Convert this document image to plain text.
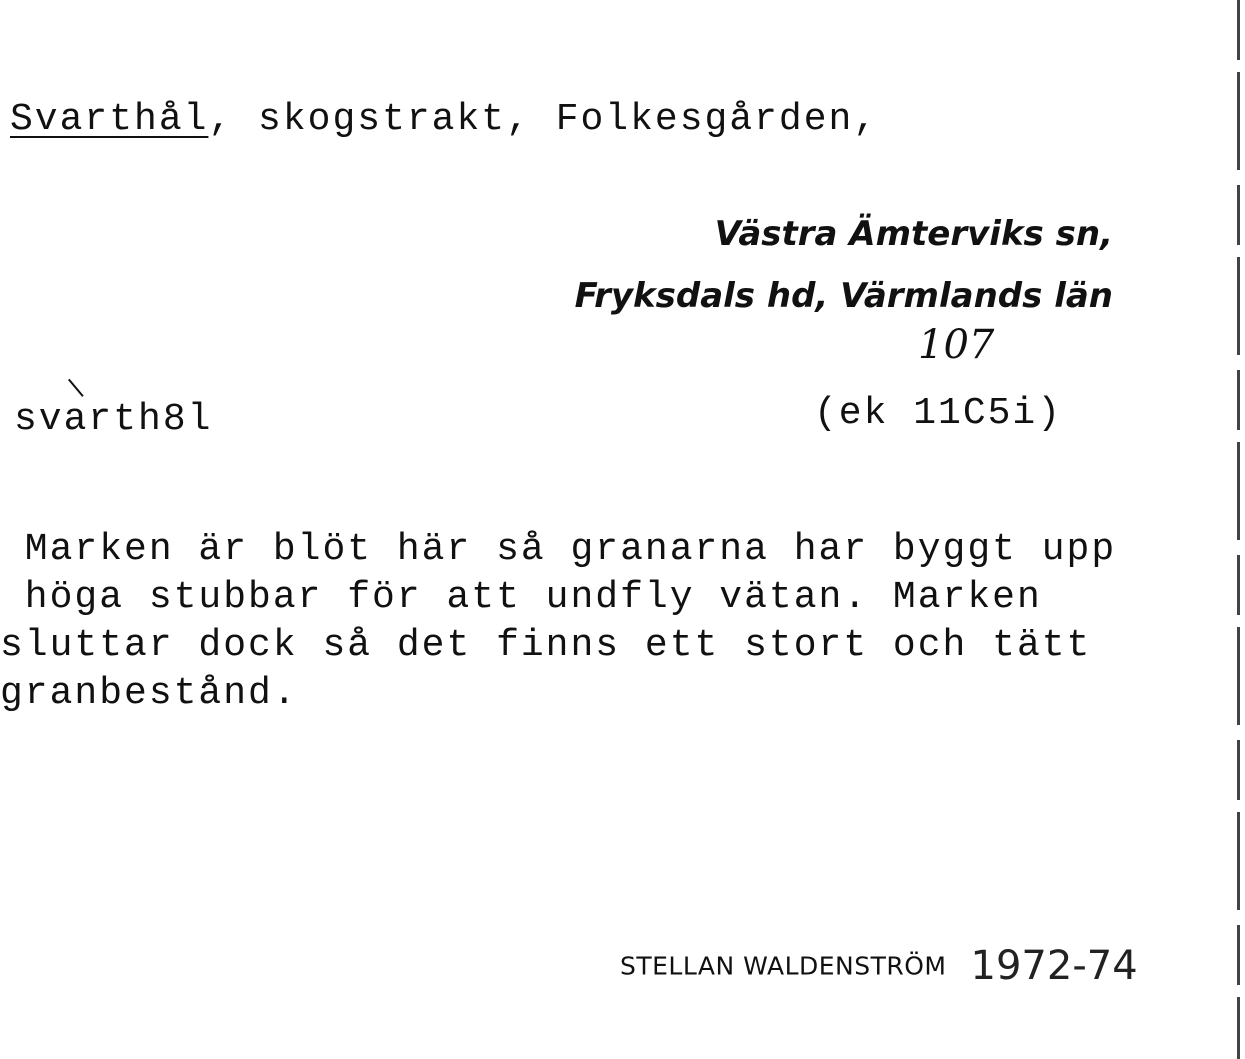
Svarthål, skogstrakt, Folkesgården,
Västra Ämterviks sn,
Fryksdals hd, Värmlands län
107
svarth8l	(ek 11C5i)
Marken är blöt här så granarna har byggt upp
höga stubbar för att undfly vätan. Marken
sluttar dock så det finns ett stort och tätt
granbestånd.
STELLAN WALDENSTRÖM 1972-74
